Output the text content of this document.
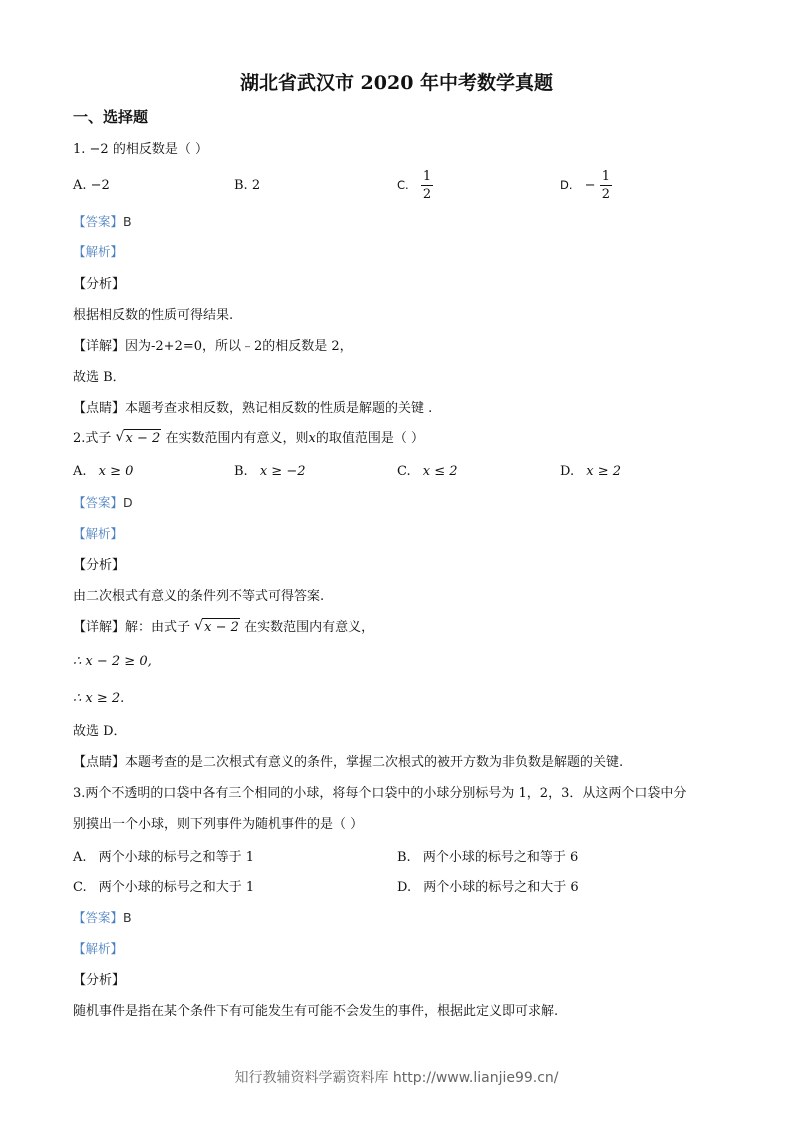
湖北省武汉市 2020 年中考数学真题
一、选择题
1. −2 的相反数是（ ）
A. −2	B. 2	C. $\frac{1}{2}$	D. − $\frac{1}{2}$
【答案】B
【解析】
【分析】
根据相反数的性质可得结果.
【详解】因为-2+2=0，所以﹣2的相反数是 2，
故选 B．
【点睛】本题考查求相反数，熟记相反数的性质是解题的关键 .
2.式子 √ x − 2 在实数范围内有意义，则x的取值范围是（ ）
A. x ≥ 0	B. x ≥ −2	C. x ≤ 2	D. x ≥ 2
【答案】D
【解析】
【分析】
由二次根式有意义的条件列不等式可得答案.
【详解】解：由式子 √ x − 2 在实数范围内有意义，
∴ x − 2 ≥ 0,
∴ x ≥ 2.
故选 D．
【点睛】本题考查的是二次根式有意义的条件，掌握二次根式的被开方数为非负数是解题的关键.
3.两个不透明的口袋中各有三个相同的小球，将每个口袋中的小球分别标号为 1，2，3．从这两个口袋中分
别摸出一个小球，则下列事件为随机事件的是（ ）
A. 两个小球的标号之和等于 1	B. 两个小球的标号之和等于 6
C. 两个小球的标号之和大于 1	D. 两个小球的标号之和大于 6
【答案】B
【解析】
【分析】
随机事件是指在某个条件下有可能发生有可能不会发生的事件，根据此定义即可求解.
知行教辅资料学霸资料库 http://www.lianjie99.cn/
